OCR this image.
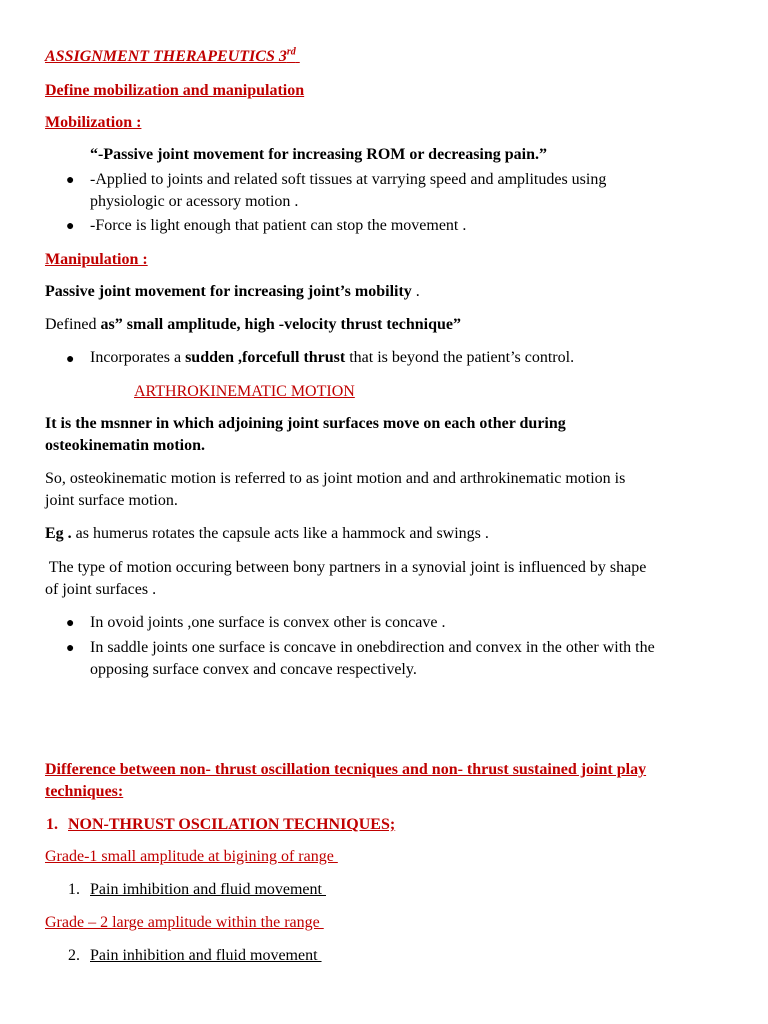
ASSIGNMENT THERAPEUTICS 3rd
Define mobilization and manipulation
Mobilization :
“-Passive joint movement for increasing ROM or decreasing pain.”
● -Applied to joints and related soft tissues at varrying speed and amplitudes using
physiologic or acessory motion .
● -Force is light enough that patient can stop the movement .
Manipulation :
Passive joint movement for increasing joint’s mobility .
Defined as” small amplitude, high -velocity thrust technique”
● Incorporates a sudden ,forcefull thrust that is beyond the patient’s control.
ARTHROKINEMATIC MOTION
It is the msnner in which adjoining joint surfaces move on each other during
osteokinematin motion.
So, osteokinematic motion is referred to as joint motion and and arthrokinematic motion is
joint surface motion.
Eg . as humerus rotates the capsule acts like a hammock and swings .
The type of motion occuring between bony partners in a synovial joint is influenced by shape
of joint surfaces .
● In ovoid joints ,one surface is convex other is concave .
● In saddle joints one surface is concave in onebdirection and convex in the other with the
opposing surface convex and concave respectively.
Difference between non- thrust oscillation tecniques and non- thrust sustained joint play
techniques:
1. NON-THRUST OSCILATION TECHNIQUES;
Grade-1 small amplitude at bigining of range
1. Pain imhibition and fluid movement
Grade – 2 large amplitude within the range
2. Pain inhibition and fluid movement
